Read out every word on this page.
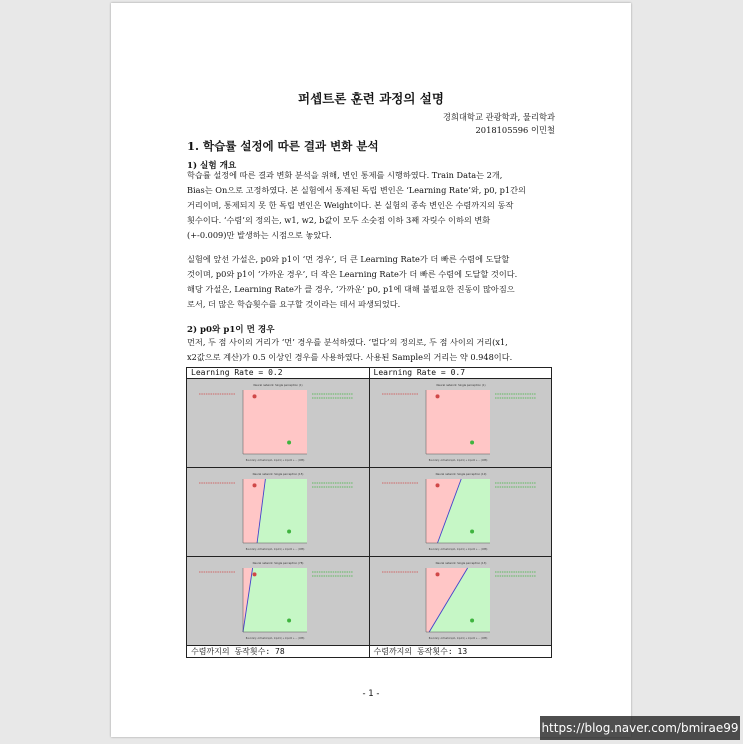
퍼셉트론 훈련 과정의 설명
경희대학교 관광학과, 물리학과
2018105596 이민철
1. 학습률 설정에 따른 결과 변화 분석
1) 실험 개요
학습률 설정에 따른 결과 변화 분석을 위해, 변인 통제를 시행하였다. Train Data는 2개,
Bias는 On으로 고정하였다. 본 실험에서 통제된 독립 변인은 ‘Learning Rate’와, p0, p1간의
거리이며, 통제되지 못 한 독립 변인은 Weight이다. 본 실험의 종속 변인은 수렴까지의 동작
횟수이다. ‘수렴’의 정의는, w1, w2, b값이 모두 소숫점 이하 3째 자릿수 이하의 변화
(+-0.009)만 발생하는 시점으로 놓았다.
실험에 앞선 가설은, p0와 p1이 ‘먼 경우’, 더 큰 Learning Rate가 더 빠른 수렴에 도달할
것이며, p0와 p1이 ‘가까운 경우’, 더 작은 Learning Rate가 더 빠른 수렴에 도달할 것이다.
해당 가설은, Learning Rate가 클 경우, ‘가까운’ p0, p1에 대해 불필요한 진동이 많아짐으
로서, 더 많은 학습횟수를 요구할 것이라는 데서 파생되었다.
2) p0와 p1이 먼 경우
먼저, 두 점 사이의 거리가 ‘먼’ 경우를 분석하였다. ‘멀다’의 정의로, 두 점 사이의 거리(x1,
x2값으로 계산)가 0.5 이상인 경우를 사용하였다. 사용된 Sample의 거리는 약 0.948이다.
Learning Rate = 0.2	Learning Rate = 0.7

Neural network: Single perceptron (1)
Boundary: Activation(w1, Input1) + Input2 + ... (CBB)	Neural network: Single perceptron (1)
Boundary: Activation(w1, Input1) + Input2 + ... (CBB)

Neural network: Single perceptron (15)
Boundary: Activation(w1, Input1) + Input2 + ... (CBB)	Neural network: Single perceptron (10)
Boundary: Activation(w1, Input1) + Input2 + ... (CBB)

Neural network: Single perceptron (78)
Boundary: Activation(w1, Input1) + Input2 + ... (CBB)	Neural network: Single perceptron (13)
Boundary: Activation(w1, Input1) + Input2 + ... (CBB)

수렴까지의 동작횟수: 78	수렴까지의 동작횟수: 13
- 1 -
https://blog.naver.com/bmirae99
